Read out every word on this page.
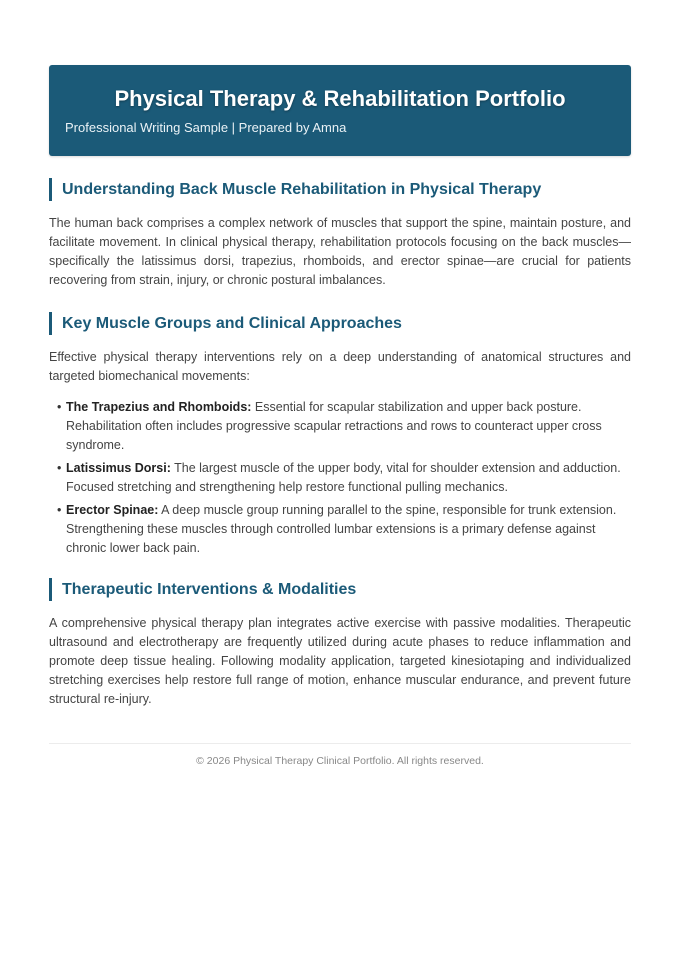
Physical Therapy & Rehabilitation Portfolio
Professional Writing Sample | Prepared by Amna
Understanding Back Muscle Rehabilitation in Physical Therapy

The human back comprises a complex network of muscles that support the spine, maintain posture, and facilitate movement. In clinical physical therapy, rehabilitation protocols focusing on the back muscles—specifically the latissimus dorsi, trapezius, rhomboids, and erector spinae—are crucial for patients recovering from strain, injury, or chronic postural imbalances.

Key Muscle Groups and Clinical Approaches

Effective physical therapy interventions rely on a deep understanding of anatomical structures and targeted biomechanical movements:

• The Trapezius and Rhomboids: Essential for scapular stabilization and upper back posture. Rehabilitation often includes progressive scapular retractions and rows to counteract upper cross syndrome.
• Latissimus Dorsi: The largest muscle of the upper body, vital for shoulder extension and adduction. Focused stretching and strengthening help restore functional pulling mechanics.
• Erector Spinae: A deep muscle group running parallel to the spine, responsible for trunk extension. Strengthening these muscles through controlled lumbar extensions is a primary defense against chronic lower back pain.
Therapeutic Interventions & Modalities

A comprehensive physical therapy plan integrates active exercise with passive modalities. Therapeutic ultrasound and electrotherapy are frequently utilized during acute phases to reduce inflammation and promote deep tissue healing. Following modality application, targeted kinesiotaping and individualized stretching exercises help restore full range of motion, enhance muscular endurance, and prevent future structural re-injury.

© 2026 Physical Therapy Clinical Portfolio. All rights reserved.
